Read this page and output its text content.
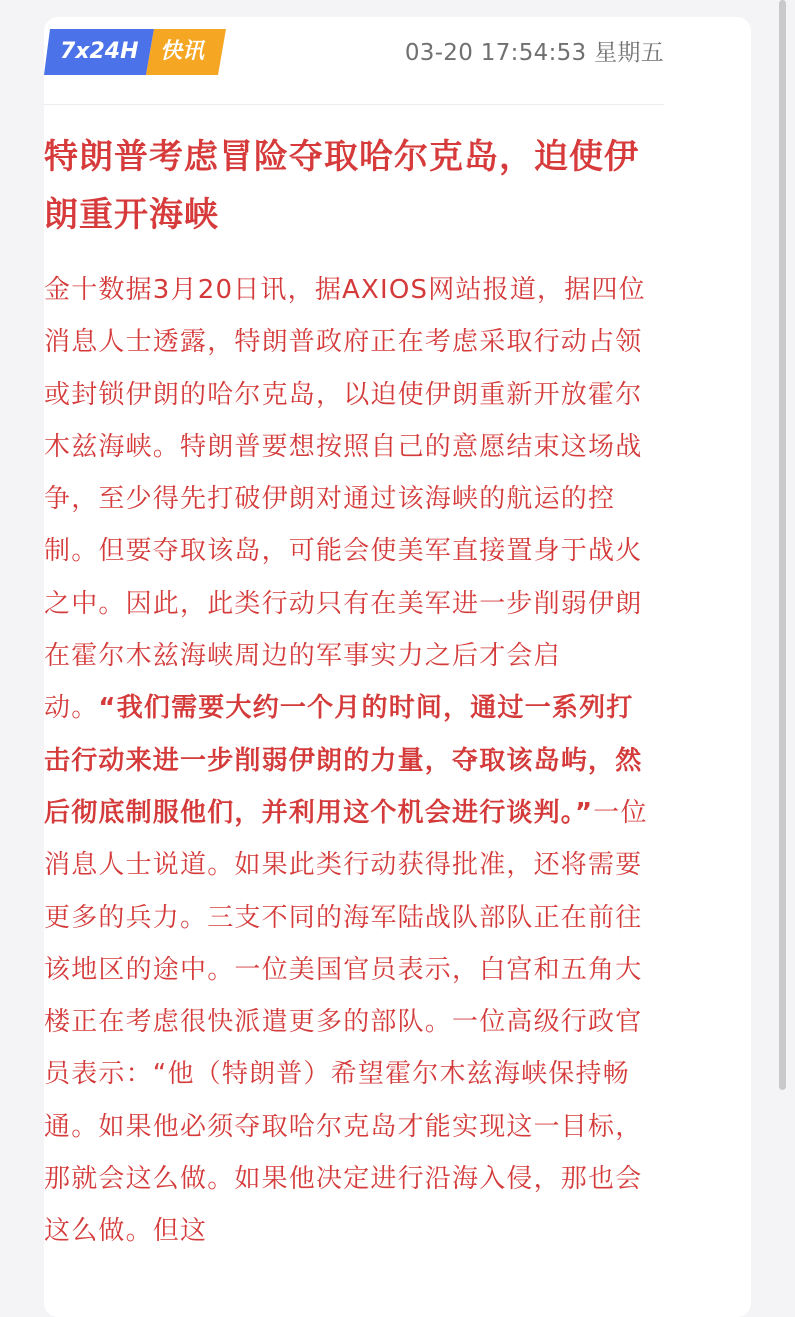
7x24H 快讯	03-20 17:54:53 星期五
特朗普考虑冒险夺取哈尔克岛，迫使伊朗重开海峡

金十数据3月20日讯，据AXIOS网站报道，据四位消息人士透露，特朗普政府正在考虑采取行动占领或封锁伊朗的哈尔克岛，以迫使伊朗重新开放霍尔木兹海峡。特朗普要想按照自己的意愿结束这场战争，至少得先打破伊朗对通过该海峡的航运的控制。但要夺取该岛，可能会使美军直接置身于战火之中。因此，此类行动只有在美军进一步削弱伊朗在霍尔木兹海峡周边的军事实力之后才会启动。“我们需要大约一个月的时间，通过一系列打击行动来进一步削弱伊朗的力量，夺取该岛屿，然后彻底制服他们，并利用这个机会进行谈判。”一位消息人士说道。如果此类行动获得批准，还将需要更多的兵力。三支不同的海军陆战队部队正在前往该地区的途中。一位美国官员表示，白宫和五角大楼正在考虑很快派遣更多的部队。一位高级行政官员表示：“他（特朗普）希望霍尔木兹海峡保持畅通。如果他必须夺取哈尔克岛才能实现这一目标，那就会这么做。如果他决定进行沿海入侵，那也会这么做。但这
